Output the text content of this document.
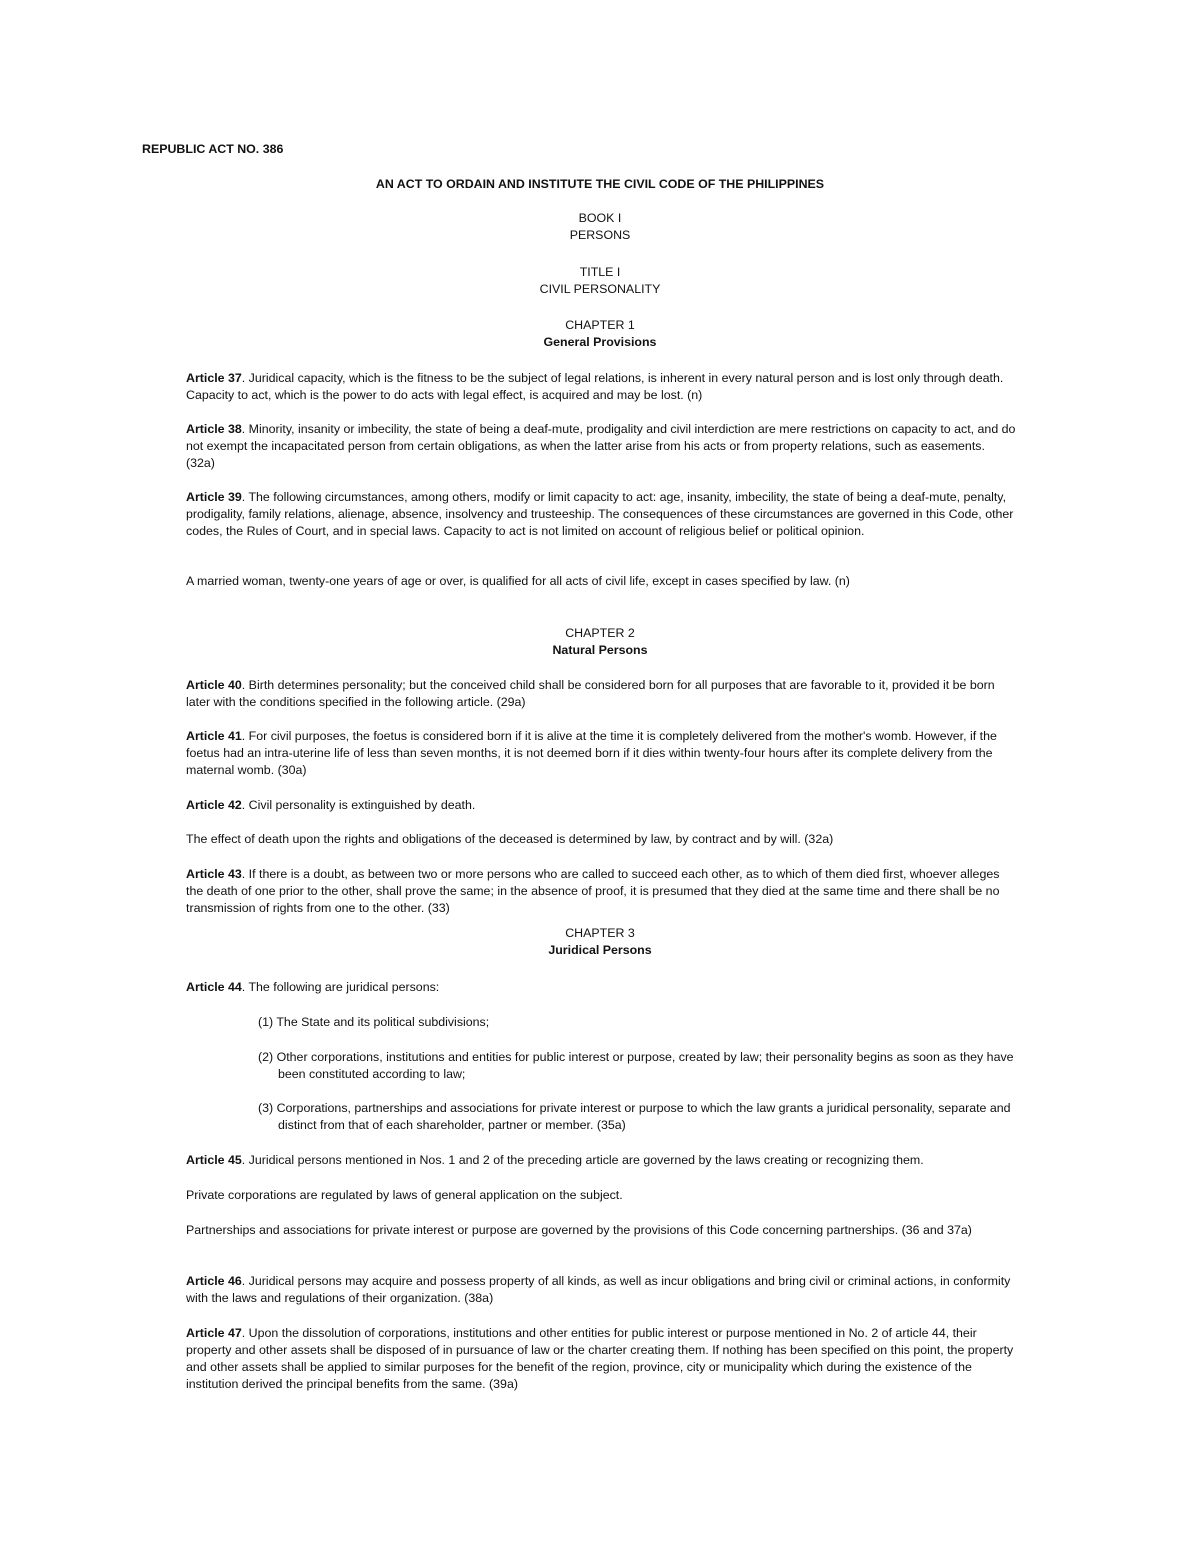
REPUBLIC ACT NO. 386
AN ACT TO ORDAIN AND INSTITUTE THE CIVIL CODE OF THE PHILIPPINES
BOOK I
PERSONS
TITLE I
CIVIL PERSONALITY
CHAPTER 1
General Provisions

Article 37. Juridical capacity, which is the fitness to be the subject of legal relations, is inherent in every natural person and is lost only through death. Capacity to act, which is the power to do acts with legal effect, is acquired and may be lost. (n)

Article 38. Minority, insanity or imbecility, the state of being a deaf-mute, prodigality and civil interdiction are mere restrictions on capacity to act, and do not exempt the incapacitated person from certain obligations, as when the latter arise from his acts or from property relations, such as easements. (32a)

Article 39. The following circumstances, among others, modify or limit capacity to act: age, insanity, imbecility, the state of being a deaf-mute, penalty, prodigality, family relations, alienage, absence, insolvency and trusteeship. The consequences of these circumstances are governed in this Code, other codes, the Rules of Court, and in special laws. Capacity to act is not limited on account of religious belief or political opinion.

A married woman, twenty-one years of age or over, is qualified for all acts of civil life, except in cases specified by law. (n)

CHAPTER 2
Natural Persons

Article 40. Birth determines personality; but the conceived child shall be considered born for all purposes that are favorable to it, provided it be born later with the conditions specified in the following article. (29a)

Article 41. For civil purposes, the foetus is considered born if it is alive at the time it is completely delivered from the mother's womb. However, if the foetus had an intra-uterine life of less than seven months, it is not deemed born if it dies within twenty-four hours after its complete delivery from the maternal womb. (30a)

Article 42. Civil personality is extinguished by death.

The effect of death upon the rights and obligations of the deceased is determined by law, by contract and by will. (32a)

Article 43. If there is a doubt, as between two or more persons who are called to succeed each other, as to which of them died first, whoever alleges the death of one prior to the other, shall prove the same; in the absence of proof, it is presumed that they died at the same time and there shall be no transmission of rights from one to the other. (33)

CHAPTER 3
Juridical Persons

Article 44. The following are juridical persons:

(1) The State and its political subdivisions;

(2) Other corporations, institutions and entities for public interest or purpose, created by law; their personality begins as soon as they have been constituted according to law;

(3) Corporations, partnerships and associations for private interest or purpose to which the law grants a juridical personality, separate and distinct from that of each shareholder, partner or member. (35a)

Article 45. Juridical persons mentioned in Nos. 1 and 2 of the preceding article are governed by the laws creating or recognizing them.

Private corporations are regulated by laws of general application on the subject.

Partnerships and associations for private interest or purpose are governed by the provisions of this Code concerning partnerships. (36 and 37a)

Article 46. Juridical persons may acquire and possess property of all kinds, as well as incur obligations and bring civil or criminal actions, in conformity with the laws and regulations of their organization. (38a)

Article 47. Upon the dissolution of corporations, institutions and other entities for public interest or purpose mentioned in No. 2 of article 44, their property and other assets shall be disposed of in pursuance of law or the charter creating them. If nothing has been specified on this point, the property and other assets shall be applied to similar purposes for the benefit of the region, province, city or municipality which during the existence of the institution derived the principal benefits from the same. (39a)
